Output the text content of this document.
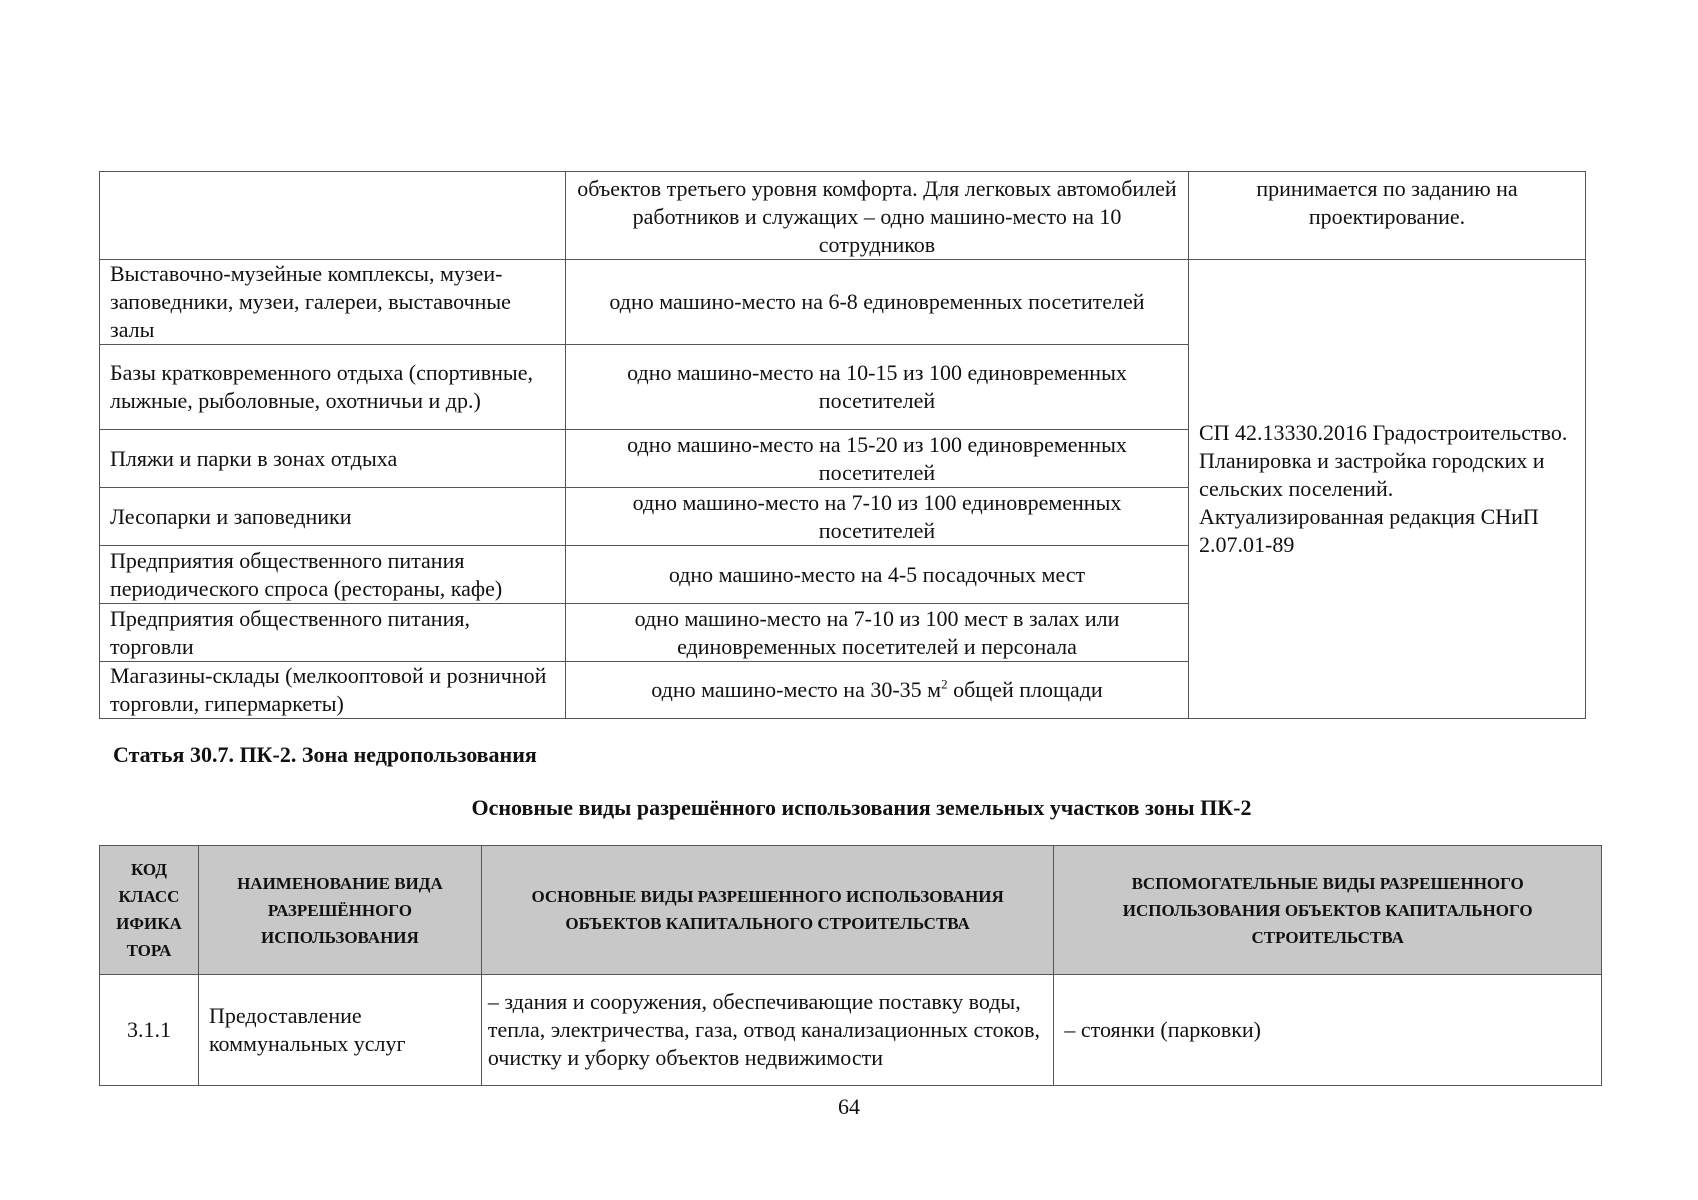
	объектов третьего уровня комфорта. Для легковых автомобилей работников и служащих – одно машино-место на 10 сотрудников	принимается по заданию на проектирование.
Выставочно-музейные комплексы, музеи-заповедники, музеи, галереи, выставочные залы	одно машино-место на 6-8 единовременных посетителей	СП 42.13330.2016 Градостроительство. Планировка и застройка городских и сельских поселений. Актуализированная редакция СНиП 2.07.01-89
Базы кратковременного отдыха (спортивные, лыжные, рыболовные, охотничьи и др.)	одно машино-место на 10-15 из 100 единовременных посетителей	
Пляжи и парки в зонах отдыха	одно машино-место на 15-20 из 100 единовременных посетителей	
Лесопарки и заповедники	одно машино-место на 7-10 из 100 единовременных посетителей	
Предприятия общественного питания периодического спроса (рестораны, кафе)	одно машино-место на 4-5 посадочных мест	
Предприятия общественного питания, торговли	одно машино-место на 7-10 из 100 мест в залах или единовременных посетителей и персонала	
Магазины-склады (мелкооптовой и розничной торговли, гипермаркеты)	одно машино-место на 30-35 $м^2$ общей площади	
Статья 30.7. ПК-2. Зона недропользования
Основные виды разрешённого использования земельных участков зоны ПК-2
КОД КЛАСС ИФИКА ТОРА	НАИМЕНОВАНИЕ ВИДА РАЗРЕШЁННОГО ИСПОЛЬЗОВАНИЯ	ОСНОВНЫЕ ВИДЫ РАЗРЕШЕННОГО ИСПОЛЬЗОВАНИЯ ОБЪЕКТОВ КАПИТАЛЬНОГО СТРОИТЕЛЬСТВА	ВСПОМОГАТЕЛЬНЫЕ ВИДЫ РАЗРЕШЕННОГО ИСПОЛЬЗОВАНИЯ ОБЪЕКТОВ КАПИТАЛЬНОГО СТРОИТЕЛЬСТВА
3.1.1	Предоставление коммунальных услуг	– здания и сооружения, обеспечивающие поставку воды, тепла, электричества, газа, отвод канализационных стоков, очистку и уборку объектов недвижимости	– стоянки (парковки)
64
